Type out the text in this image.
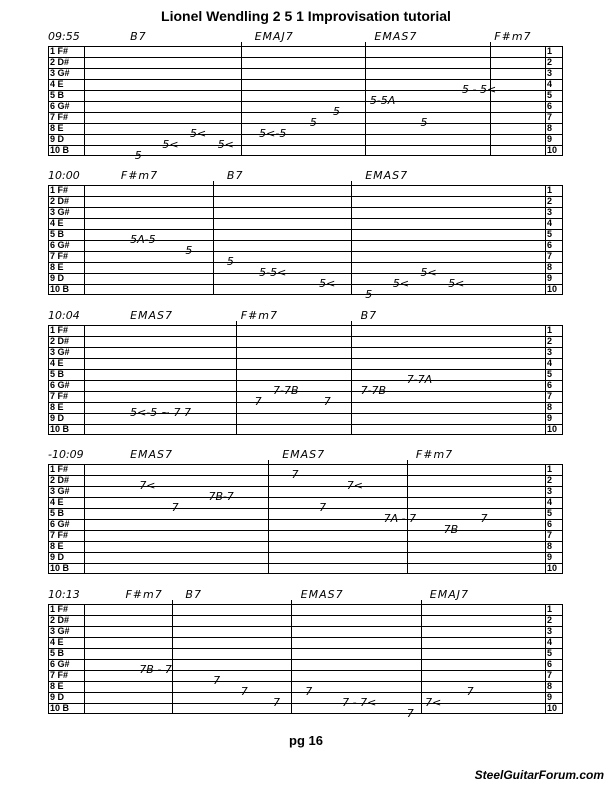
Lionel Wendling 2 5 1 Improvisation tutorial
09:55	B7	EMAJ7	EMAS7	F#m7
1 F#	1
2 D#	2
3 G#	3
4 E	4
5 B	5
6 G#	6
7 F#	7
8 E	8
9 D	9
10 B	10
5
5<	5<
5<	5<-5
5
5
5-5A
5
5 - 5<
10:00	F#m7	B7	EMAS7
1 F#	1
2 D#	2
3 G#	3
4 E	4
5 B	5
6 G#	6
7 F#	7
8 E	8
9 D	9
10 B	10
5A-5
5
5
5-5<
5<
5
5<
5<
5<
10:04	EMAS7	F#m7	B7
1 F#	1
2 D#	2
3 G#	3
4 E	4
5 B	5
6 G#	6
7 F#	7
8 E	8
9 D	9
10 B	10
5<-5 ~ 7 7
7
7-7B
7
7-7B
7-7A
-10:09	EMAS7	EMAS7	F#m7
1 F#	1
2 D#	2
3 G#	3
4 E	4
5 B	5
6 G#	6
7 F#	7
8 E	8
9 D	9
10 B	10
7<
7B-7
7
7
7<
7
7A - 7
7B
7
10:13	F#m7 B7	EMAS7	EMAJ7
1 F#	1
2 D#	2
3 G#	3
4 E	4
5 B	5
6 G#	6
7 F#	7
8 E	8
9 D	9
10 B	10
7B - 7
7
7
7
7
7 - 7<	7<
7
7
pg 16
SteelGuitarForum.com
